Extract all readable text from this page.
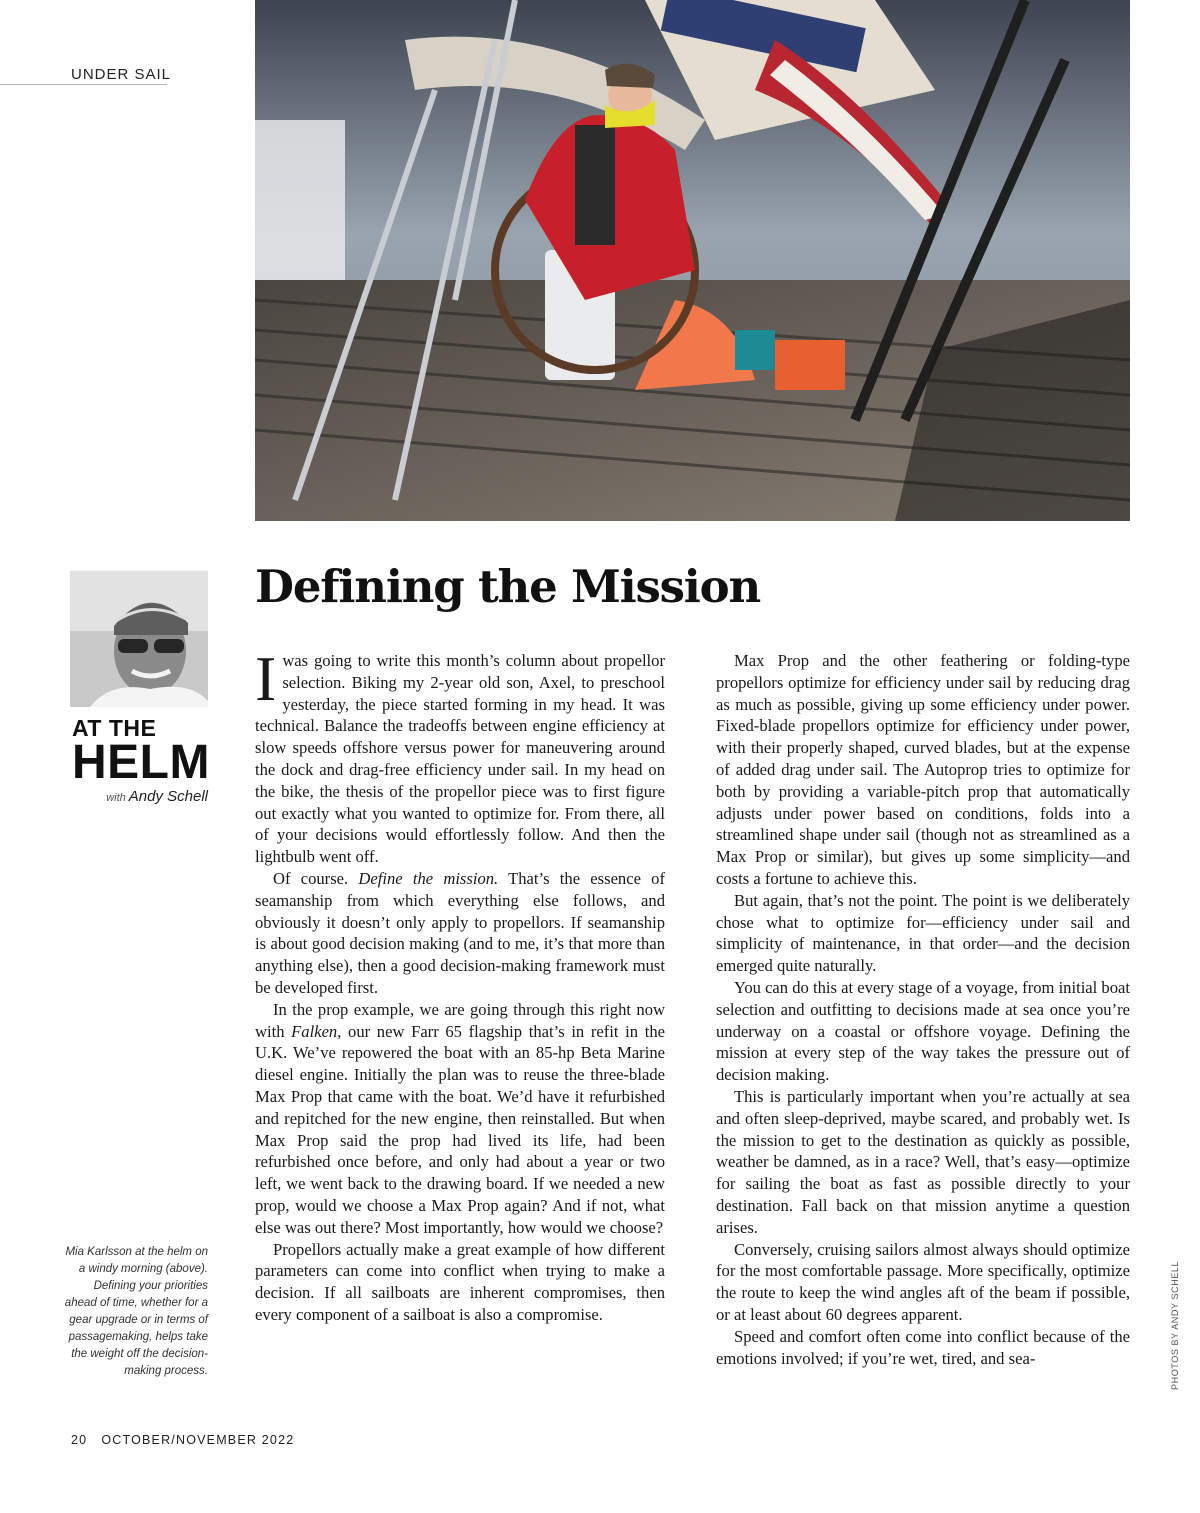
UNDER SAIL
AT THE
HELM
with Andy Schell
Defining the Mission
Mia Karlsson at the helm on a windy morning (above). Defining your priorities ahead of time, whether for a gear upgrade or in terms of passagemaking, helps take the weight off the decision-making process.

Iwas going to write this month’s column about propellor selection. Biking my 2-year old son, Axel, to preschool yesterday, the piece started forming in my head. It was technical. Balance the tradeoffs between engine efficiency at slow speeds offshore versus power for maneuvering around the dock and drag-free efficiency under sail. In my head on the bike, the thesis of the propellor piece was to first figure out exactly what you wanted to optimize for. From there, all of your decisions would effortlessly follow. And then the lightbulb went off.

Of course. Define the mission. That’s the essence of seamanship from which everything else follows, and obviously it doesn’t only apply to propellors. If seamanship is about good decision making (and to me, it’s that more than anything else), then a good decision-making framework must be developed first.

In the prop example, we are going through this right now with Falken, our new Farr 65 flagship that’s in refit in the U.K. We’ve repowered the boat with an 85-hp Beta Marine diesel engine. Initially the plan was to reuse the three-blade Max Prop that came with the boat. We’d have it refurbished and repitched for the new engine, then reinstalled. But when Max Prop said the prop had lived its life, had been refurbished once before, and only had about a year or two left, we went back to the drawing board. If we needed a new prop, would we choose a Max Prop again? And if not, what else was out there? Most importantly, how would we choose?

Propellors actually make a great example of how different parameters can come into conflict when trying to make a decision. If all sailboats are inherent compromises, then every component of a sailboat is also a compromise.

Max Prop and the other feathering or folding-type propellors optimize for efficiency under sail by reducing drag as much as possible, giving up some efficiency under power. Fixed-blade propellors optimize for efficiency under power, with their properly shaped, curved blades, but at the expense of added drag under sail. The Autoprop tries to optimize for both by providing a variable-pitch prop that automatically adjusts under power based on conditions, folds into a streamlined shape under sail (though not as streamlined as a Max Prop or similar), but gives up some simplicity—and costs a fortune to achieve this.

But again, that’s not the point. The point is we deliberately chose what to optimize for—efficiency under sail and simplicity of maintenance, in that order—and the decision emerged quite naturally.

You can do this at every stage of a voyage, from initial boat selection and outfitting to decisions made at sea once you’re underway on a coastal or offshore voyage. Defining the mission at every step of the way takes the pressure out of decision making.

This is particularly important when you’re actually at sea and often sleep-deprived, maybe scared, and probably wet. Is the mission to get to the destination as quickly as possible, weather be damned, as in a race? Well, that’s easy—optimize for sailing the boat as fast as possible directly to your destination. Fall back on that mission anytime a question arises.

Conversely, cruising sailors almost always should optimize for the most comfortable passage. More specifically, optimize the route to keep the wind angles aft of the beam if possible, or at least about 60 degrees apparent.

Speed and comfort often come into conflict because of the emotions involved; if you’re wet, tired, and sea-	PHOTOS BY ANDY SCHELL
20 OCTOBER/NOVEMBER 2022
